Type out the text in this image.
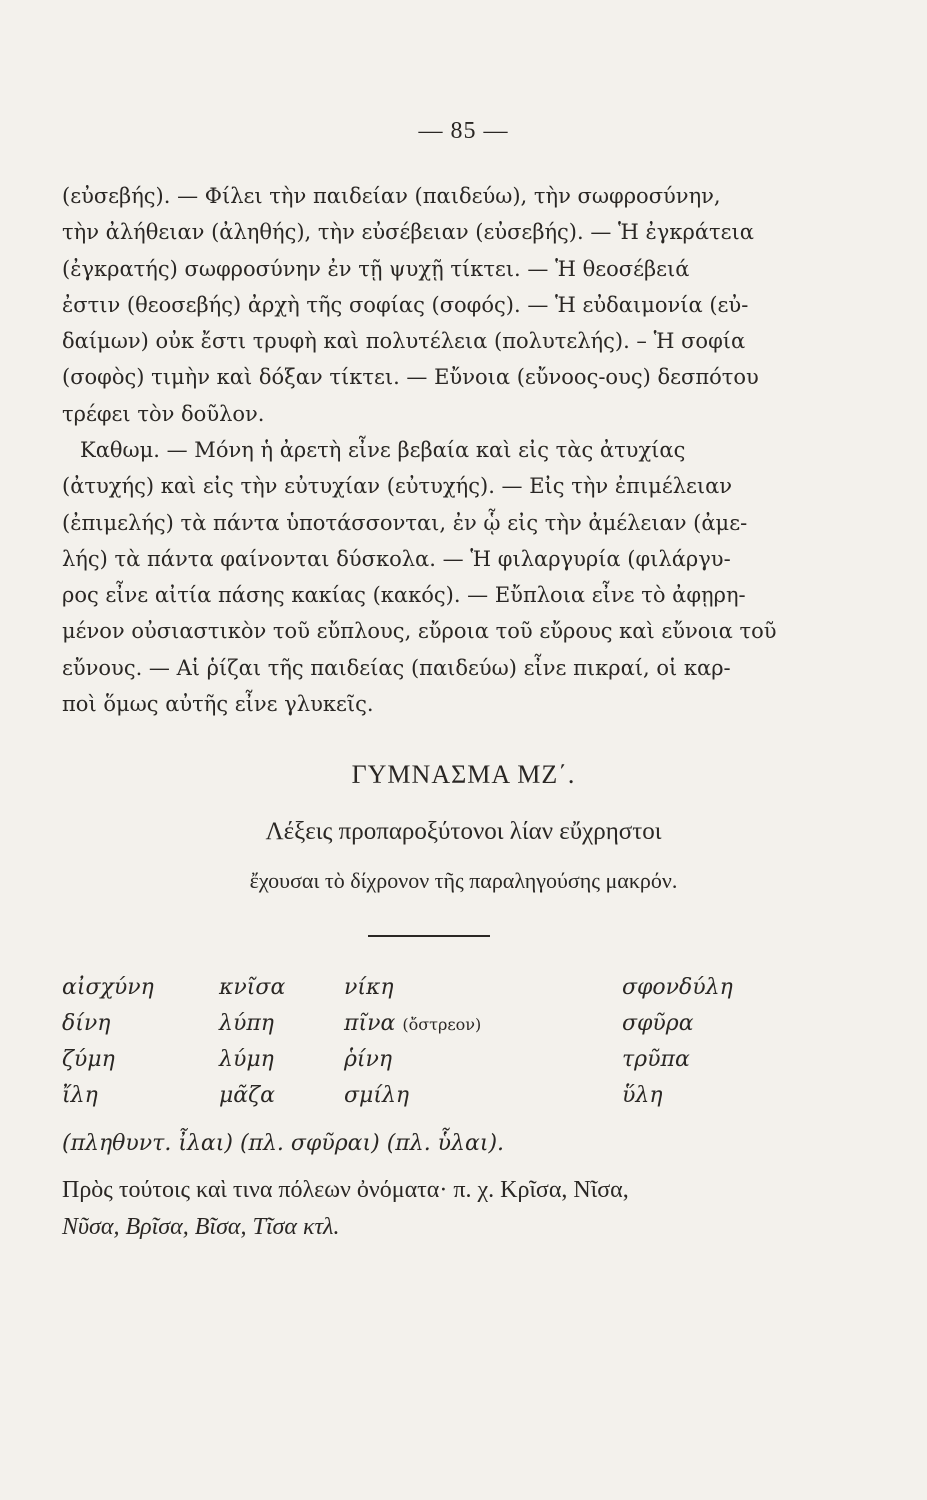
— 85 —
(εὐσεβής). — Φίλει τὴν παιδείαν (παιδεύω), τὴν σωφροσύνην,
τὴν ἀλήθειαν (ἀληθής), τὴν εὐσέβειαν (εὐσεβής). — Ἡ ἐγκράτεια
(ἐγκρατής) σωφροσύνην ἐν τῇ ψυχῇ τίκτει. — Ἡ θεοσέβειά
ἐστιν (θεοσεβής) ἀρχὴ τῆς σοφίας (σοφός). — Ἡ εὐδαιμονία (εὐ-
δαίμων) οὐκ ἔστι τρυφὴ καὶ πολυτέλεια (πολυτελής). – Ἡ σοφία
(σοφὸς) τιμὴν καὶ δόξαν τίκτει. — Εὔνοια (εὔνοος-ους) δεσπότου
τρέφει τὸν δοῦλον.
Καθωμ. — Μόνη ἡ ἀρετὴ εἶνε βεβαία καὶ εἰς τὰς ἀτυχίας
(ἀτυχής) καὶ εἰς τὴν εὐτυχίαν (εὐτυχής). — Εἰς τὴν ἐπιμέλειαν
(ἐπιμελής) τὰ πάντα ὑποτάσσονται, ἐν ᾧ εἰς τὴν ἀμέλειαν (ἀμε-
λής) τὰ πάντα φαίνονται δύσκολα. — Ἡ φιλαργυρία (φιλάργυ-
ρος εἶνε αἰτία πάσης κακίας (κακός). — Εὔπλοια εἶνε τὸ ἀφῃρη-
μένον οὐσιαστικὸν τοῦ εὔπλους, εὔροια τοῦ εὔρους καὶ εὔνοια τοῦ
εὔνους. — Αἱ ῥίζαι τῆς παιδείας (παιδεύω) εἶνε πικραί, οἱ καρ-
ποὶ ὅμως αὐτῆς εἶνε γλυκεῖς.
ΓΥΜΝΑΣΜΑ ΜΖ΄.
Λέξεις προπαροξύτονοι λίαν εὔχρηστοι
ἔχουσαι τὸ δίχρονον τῆς παραληγούσης μακρόν.
αἰσχύνη	κνῖσα	νίκη	σφονδύλη
δίνη	λύπη	πῖνα (ὄστρεον)	σφῦρα
ζύμη	λύμη	ῥίνη	τρῦπα
ἴλη	μᾶζα	σμίλη	ὕλη
(πληθυντ. ἶλαι) (πλ. σφῦραι) (πλ. ὗλαι).
Πρὸς τούτοις καὶ τινα πόλεων ὀνόματα· π. χ. Κρῖσα, Νῖσα,
Νῦσα, Βρῖσα, Βῖσα, Τῖσα κτλ.
